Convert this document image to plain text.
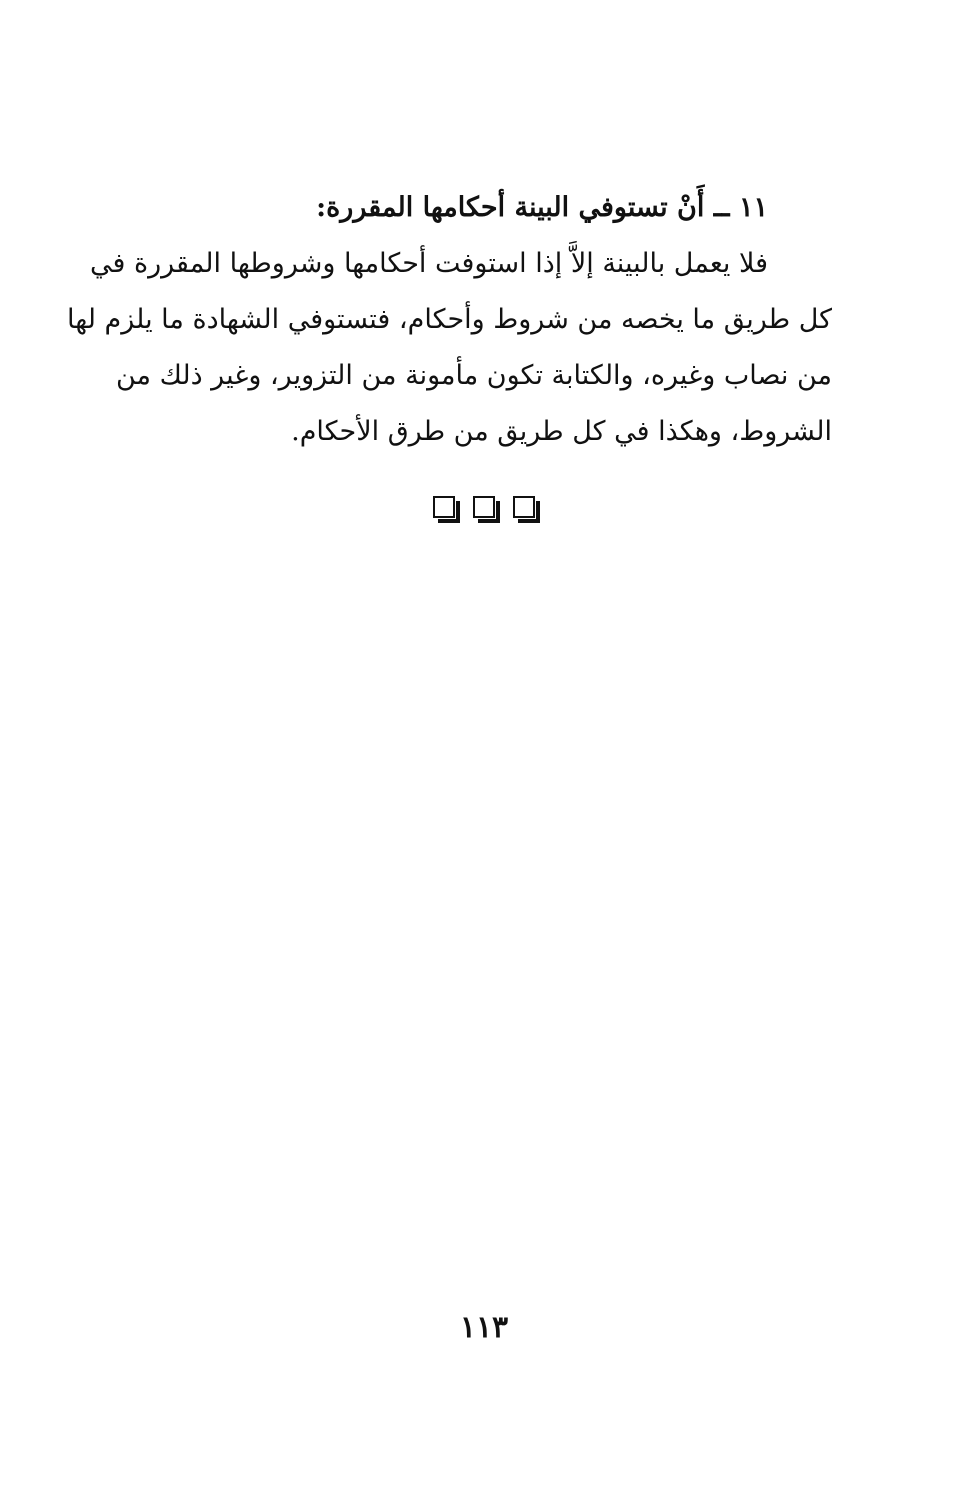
١١ ــ أَنْ تستوفي البينة أحكامها المقررة:
فلا يعمل بالبينة إلاَّ إذا استوفت أحكامها وشروطها المقررة في
كل طريق ما يخصه من شروط وأحكام، فتستوفي الشهادة ما يلزم لها
من نصاب وغيره، والكتابة تكون مأمونة من التزوير، وغير ذلك من
الشروط، وهكذا في كل طريق من طرق الأحكام.
١١٣
